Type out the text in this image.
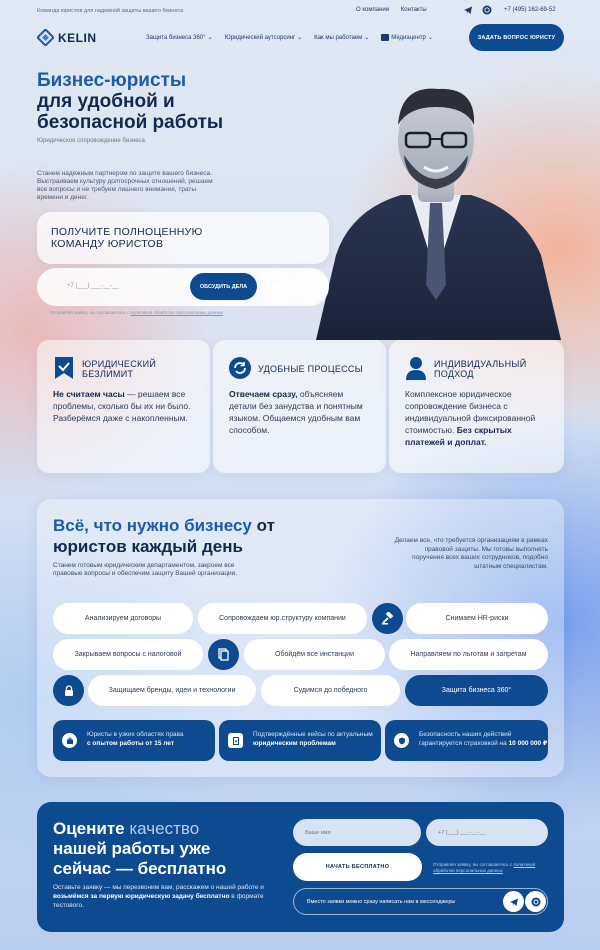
Команда юристов для надежной защиты вашего бизнеса	О компании Контакты	+7 (495) 162-69-52
KELIN	Защита бизнеса 360° ⌄ Юридический аутсорсинг ⌄ Как мы работаем ⌄	Медиацентр ⌄	ЗАДАТЬ ВОПРОС ЮРИСТУ
Бизнес-юристы
для удобной и
безопасной работы
Юридическое сопровождение бизнеса
Станем надежным партнером по защите вашего бизнеса. Выстраиваем культуру долгосрочных отношений, решаем все вопросы и не требуем лишнего внимания, траты времени и денег.
ПОЛУЧИТЕ ПОЛНОЦЕННУЮ
КОМАНДУ ЮРИСТОВ
+7 (___) ___-__-__	ОБСУДИТЬ ДЕЛА
Отправляя заявку, вы соглашаетесь с политикой обработки персональных данных
ЮРИДИЧЕСКИЙ
БЕЗЛИМИТ
Не считаем часы — решаем все проблемы, сколько бы их ни было. Разберёмся даже с накопленным.
УДОБНЫЕ ПРОЦЕССЫ
Отвечаем сразу, объясняем детали без занудства и понятным языком. Общаемся удобным вам способом.
ИНДИВИДУАЛЬНЫЙ
ПОДХОД
Комплексное юридическое сопровождение бизнеса с индивидуальной фиксированной стоимостью. Без скрытых платежей и доплат.
Всё, что нужно бизнесу от
юристов каждый день
Станем готовым юридическим департаментом, закроем все правовые вопросы и обеспечим защиту Вашей организации.
Делаем все, что требуется организациям в рамках правовой защиты. Мы готовы выполнять поручения всех ваших сотрудников, подобно штатным специалистам.
Анализируем договоры	Сопровождаем юр.структуру компании	Снимаем HR-риски
Закрываем вопросы с налоговой	Обойдём все инстанции	Направляем по льготам и запретам
Защищаем бренды, идеи и технологии	Судимся до победного	Защита бизнеса 360°
Юристы в узких областях права
с опытом работы от 15 лет
Подтверждённые кейсы по актуальным юридическим проблемам
Безопасность наших действий гарантируется страховкой на 10 000 000 ₽
Оцените качество
нашей работы уже
сейчас — бесплатно
Оставьте заявку — мы перезвоним вам, расскажем о нашей работе и возьмёмся за первую юридическую задачу бесплатно в формате тестового.
Ваше имя	+7 (___) ___-__-__
НАЧАТЬ БЕСПЛАТНО	Отправляя заявку, вы соглашаетесь с политикой обработки персональных данных
Вместо заявки можно сразу написать нам в мессенджеры
